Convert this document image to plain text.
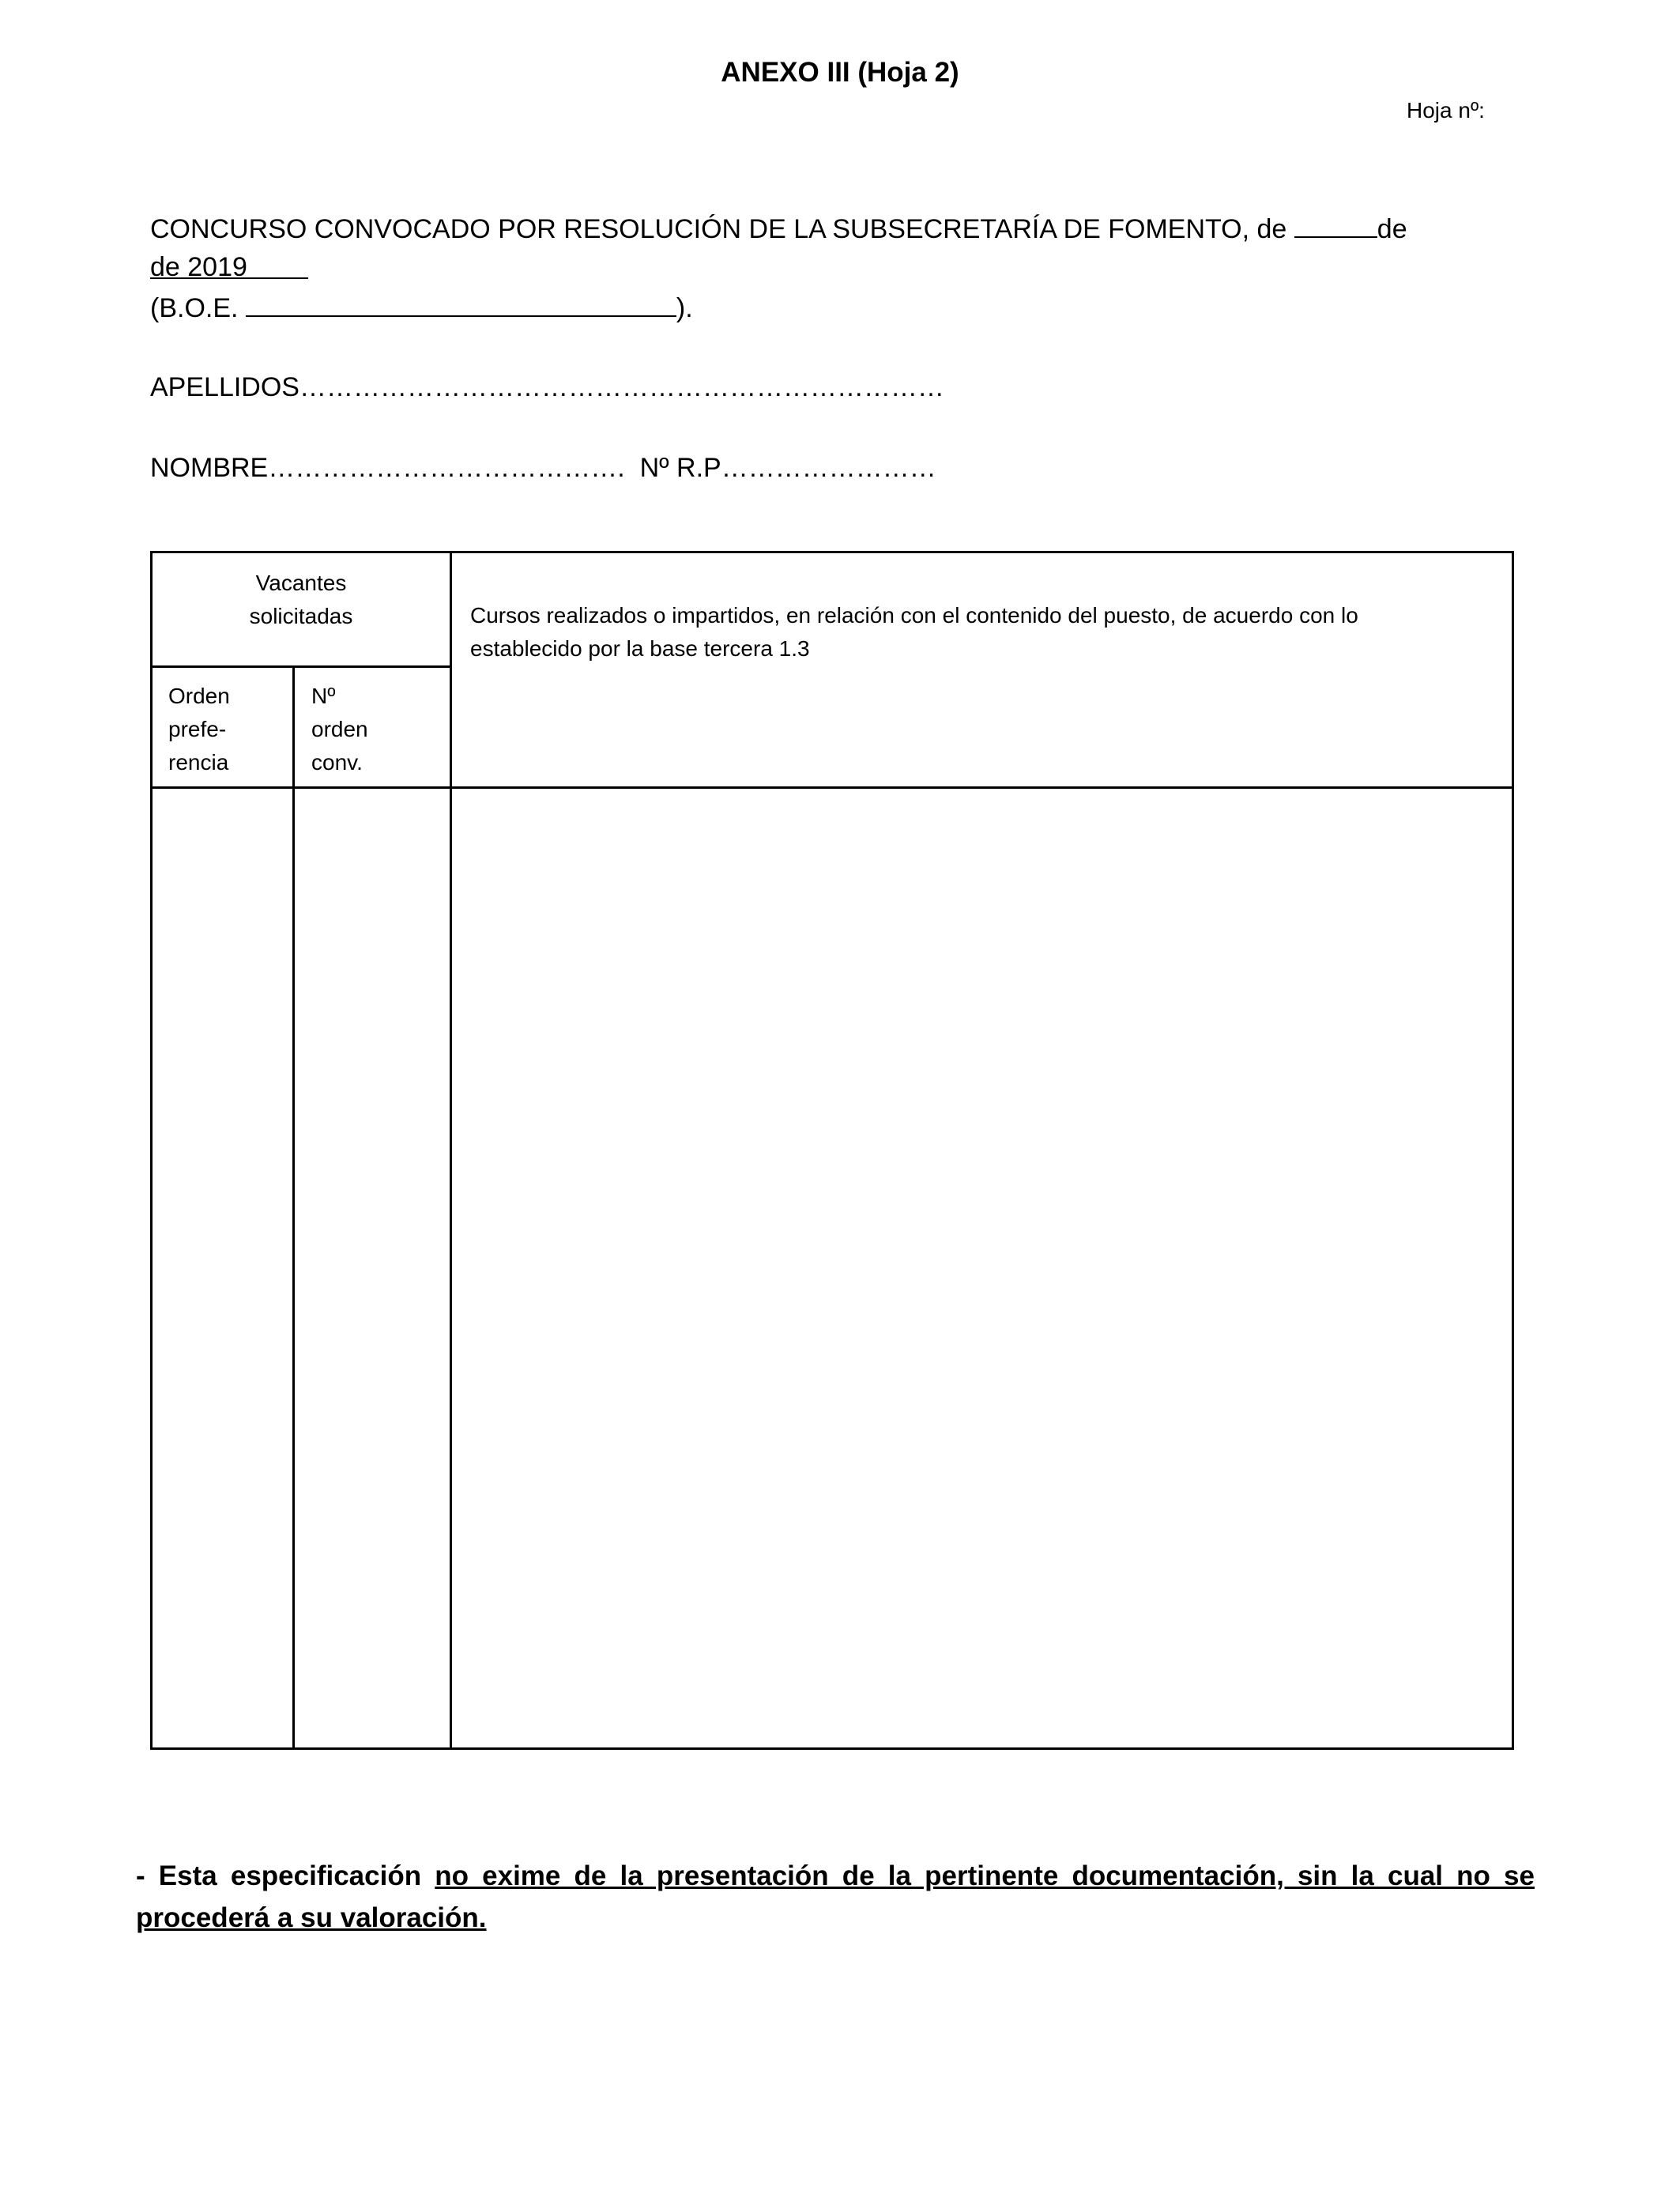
ANEXO III (Hoja 2)
Hoja nº:
CONCURSO CONVOCADO POR RESOLUCIÓN DE LA SUBSECRETARÍA DE FOMENTO, de	de
de 2019
(B.O.E.	).
APELLIDOS………………………………………………………………
NOMBRE…………………………………. Nº R.P……………………
Vacantes
solicitadas
Orden
prefe-
rencia
Nº
orden
conv.
Cursos realizados o impartidos, en relación con el contenido del puesto, de acuerdo con lo
establecido por la base tercera 1.3
- Esta especificación no exime de la presentación de la pertinente documentación, sin la cual no se procederá a su valoración.
